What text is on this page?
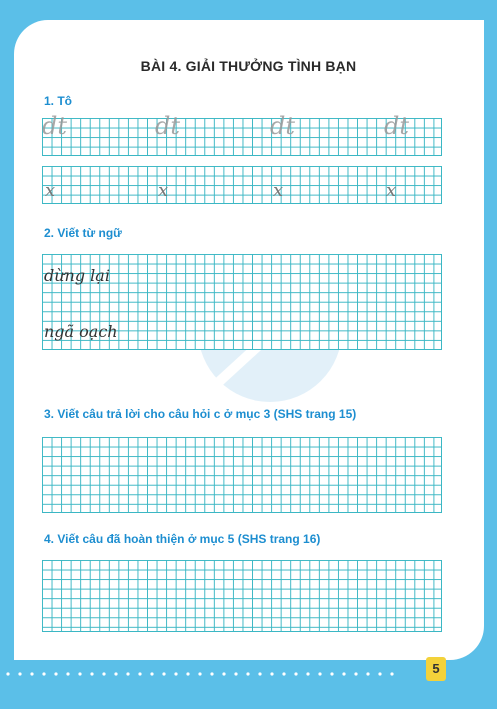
BÀI 4. GIẢI THƯỞNG TÌNH BẠN
1. Tô
dt	dt	dt	dt
x	x	x	x
2. Viết từ ngữ
dừng lại
ngã oạch
3. Viết câu trả lời cho câu hỏi c ở mục 3 (SHS trang 15)
4. Viết câu đã hoàn thiện ở mục 5 (SHS trang 16)
5
